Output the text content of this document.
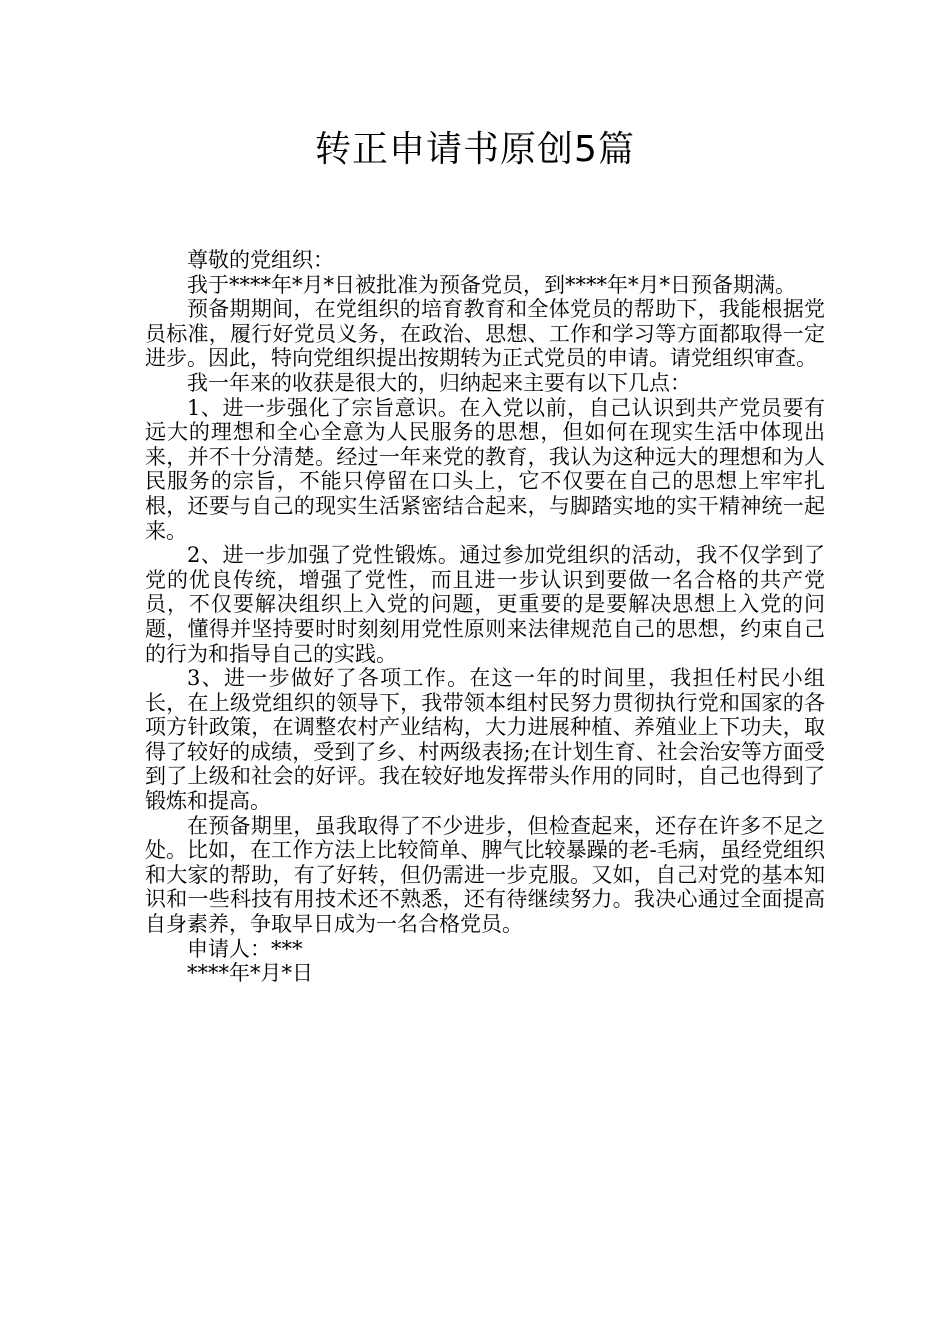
转正申请书原创5篇

尊敬的党组织：

我于****年*月*日被批准为预备党员，到****年*月*日预备期满。

预备期期间，在党组织的培育教育和全体党员的帮助下，我能根据党员标准，履行好党员义务，在政治、思想、工作和学习等方面都取得一定进步。因此，特向党组织提出按期转为正式党员的申请。请党组织审查。

我一年来的收获是很大的，归纳起来主要有以下几点：

1、进一步强化了宗旨意识。在入党以前，自己认识到共产党员要有远大的理想和全心全意为人民服务的思想，但如何在现实生活中体现出来，并不十分清楚。经过一年来党的教育，我认为这种远大的理想和为人民服务的宗旨，不能只停留在口头上，它不仅要在自己的思想上牢牢扎根，还要与自己的现实生活紧密结合起来，与脚踏实地的实干精神统一起来。

2、进一步加强了党性锻炼。通过参加党组织的活动，我不仅学到了党的优良传统，增强了党性，而且进一步认识到要做一名合格的共产党员，不仅要解决组织上入党的问题，更重要的是要解决思想上入党的问题，懂得并坚持要时时刻刻用党性原则来法律规范自己的思想，约束自己的行为和指导自己的实践。

3、进一步做好了各项工作。在这一年的时间里，我担任村民小组长，在上级党组织的领导下，我带领本组村民努力贯彻执行党和国家的各项方针政策，在调整农村产业结构，大力进展种植、养殖业上下功夫，取得了较好的成绩，受到了乡、村两级表扬;在计划生育、社会治安等方面受到了上级和社会的好评。我在较好地发挥带头作用的同时，自己也得到了锻炼和提高。

在预备期里，虽我取得了不少进步，但检查起来，还存在许多不足之处。比如，在工作方法上比较简单、脾气比较暴躁的老-毛病，虽经党组织和大家的帮助，有了好转，但仍需进一步克服。又如，自己对党的基本知识和一些科技有用技术还不熟悉，还有待继续努力。我决心通过全面提高自身素养，争取早日成为一名合格党员。

申请人：***

****年*月*日
